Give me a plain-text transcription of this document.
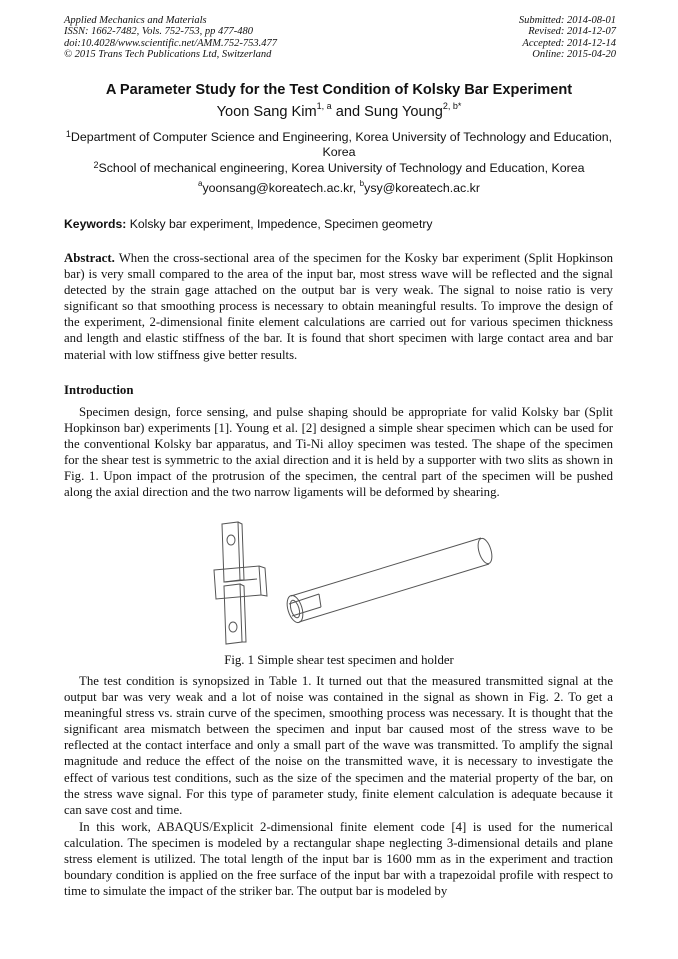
Applied Mechanics and Materials
ISSN: 1662-7482, Vols. 752-753, pp 477-480
doi:10.4028/www.scientific.net/AMM.752-753.477
© 2015 Trans Tech Publications Ltd, Switzerland
Submitted: 2014-08-01
Revised: 2014-12-07
Accepted: 2014-12-14
Online: 2015-04-20
A Parameter Study for the Test Condition of Kolsky Bar Experiment
Yoon Sang Kim$^{1, a}$ and Sung Young$^{2, b*}$
$^1$Department of Computer Science and Engineering, Korea University of Technology and Education, Korea
$^2$School of mechanical engineering, Korea University of Technology and Education, Korea
$^a$yoonsang@koreatech.ac.kr, $^b$ysy@koreatech.ac.kr
Keywords: Kolsky bar experiment, Impedence, Specimen geometry

Abstract. When the cross-sectional area of the specimen for the Kosky bar experiment (Split Hopkinson bar) is very small compared to the area of the input bar, most stress wave will be reflected and the signal detected by the strain gage attached on the output bar is very weak. The signal to noise ratio is very significant so that smoothing process is necessary to obtain meaningful results. To improve the design of the experiment, 2-dimensional finite element calculations are carried out for various specimen thickness and length and elastic stiffness of the bar. It is found that short specimen with large contact area and bar material with low stiffness give better results.

Introduction

Specimen design, force sensing, and pulse shaping should be appropriate for valid Kolsky bar (Split Hopkinson bar) experiments [1]. Young et al. [2] designed a simple shear specimen which can be used for the conventional Kolsky bar apparatus, and Ti-Ni alloy specimen was tested. The shape of the specimen for the shear test is symmetric to the axial direction and it is held by a supporter with two slits as shown in Fig. 1. Upon impact of the protrusion of the specimen, the central part of the specimen will be pushed along the axial direction and the two narrow ligaments will be deformed by shearing.

Fig. 1 Simple shear test specimen and holder

The test condition is synopsized in Table 1. It turned out that the measured transmitted signal at the output bar was very weak and a lot of noise was contained in the signal as shown in Fig. 2. To get a meaningful stress vs. strain curve of the specimen, smoothing process was necessary. It is thought that the significant area mismatch between the specimen and input bar caused most of the stress wave to be reflected at the contact interface and only a small part of the wave was transmitted. To amplify the signal magnitude and reduce the effect of the noise on the transmitted wave, it is necessary to investigate the effect of various test conditions, such as the size of the specimen and the material property of the bar, on the stress wave signal. For this type of parameter study, finite element calculation is adequate because it can save cost and time.

In this work, ABAQUS/Explicit 2-dimensional finite element code [4] is used for the numerical calculation. The specimen is modeled by a rectangular shape neglecting 3-dimensional details and plane stress element is utilized. The total length of the input bar is 1600 mm as in the experiment and traction boundary condition is applied on the free surface of the input bar with a trapezoidal profile with respect to time to simulate the impact of the striker bar. The output bar is modeled by
